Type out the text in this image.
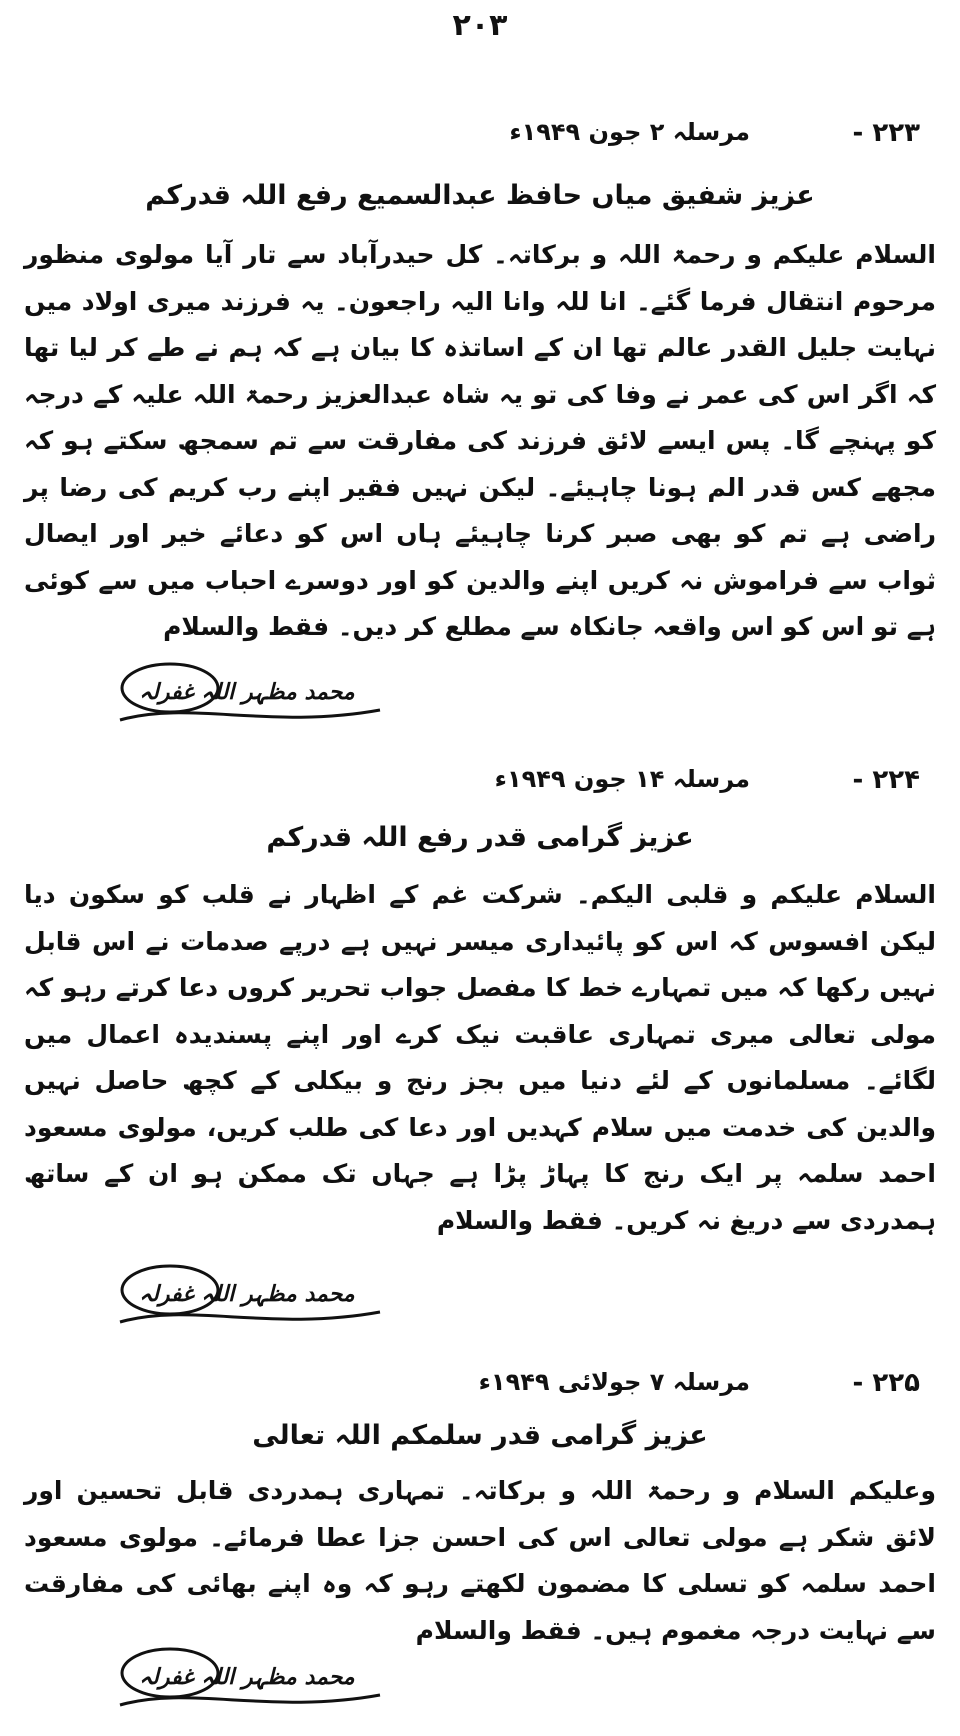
۲۰۳
۲۲۳ -
مرسلہ ۲ جون ۱۹۴۹ء
عزیز شفیق میاں حافظ عبدالسمیع رفع اللہ قدرکم
السلام علیکم و رحمۃ اللہ و برکاتہ۔ کل حیدرآباد سے تار آیا مولوی منظور مرحوم انتقال فرما گئے۔ انا للہ وانا الیہ راجعون۔ یہ فرزند میری اولاد میں نہایت جلیل القدر عالم تھا ان کے اساتذہ کا بیان ہے کہ ہم نے طے کر لیا تھا کہ اگر اس کی عمر نے وفا کی تو یہ شاہ عبدالعزیز رحمۃ اللہ علیہ کے درجہ کو پہنچے گا۔ پس ایسے لائق فرزند کی مفارقت سے تم سمجھ سکتے ہو کہ مجھے کس قدر الم ہونا چاہیئے۔ لیکن نہیں فقیر اپنے رب کریم کی رضا پر راضی ہے تم کو بھی صبر کرنا چاہیئے ہاں اس کو دعائے خیر اور ایصال ثواب سے فراموش نہ کریں اپنے والدین کو اور دوسرے احباب میں سے کوئی ہے تو اس کو اس واقعہ جانکاہ سے مطلع کر دیں۔ فقط والسلام
محمد مظہر اللہ غفرلہ
۲۲۴ -
مرسلہ ۱۴ جون ۱۹۴۹ء
عزیز گرامی قدر رفع اللہ قدرکم
السلام علیکم و قلبی الیکم۔ شرکت غم کے اظہار نے قلب کو سکون دیا لیکن افسوس کہ اس کو پائیداری میسر نہیں ہے درپے صدمات نے اس قابل نہیں رکھا کہ میں تمہارے خط کا مفصل جواب تحریر کروں دعا کرتے رہو کہ مولی تعالی میری تمہاری عاقبت نیک کرے اور اپنے پسندیدہ اعمال میں لگائے۔ مسلمانوں کے لئے دنیا میں بجز رنج و بیکلی کے کچھ حاصل نہیں والدین کی خدمت میں سلام کہدیں اور دعا کی طلب کریں، مولوی مسعود احمد سلمہ پر ایک رنج کا پہاڑ پڑا ہے جہاں تک ممکن ہو ان کے ساتھ ہمدردی سے دریغ نہ کریں۔ فقط والسلام
محمد مظہر اللہ غفرلہ
۲۲۵ -
مرسلہ ۷ جولائی ۱۹۴۹ء
عزیز گرامی قدر سلمکم اللہ تعالی
وعلیکم السلام و رحمۃ اللہ و برکاتہ۔ تمہاری ہمدردی قابل تحسین اور لائق شکر ہے مولی تعالی اس کی احسن جزا عطا فرمائے۔ مولوی مسعود احمد سلمہ کو تسلی کا مضمون لکھتے رہو کہ وہ اپنے بھائی کی مفارقت سے نہایت درجہ مغموم ہیں۔ فقط والسلام
محمد مظہر اللہ غفرلہ
